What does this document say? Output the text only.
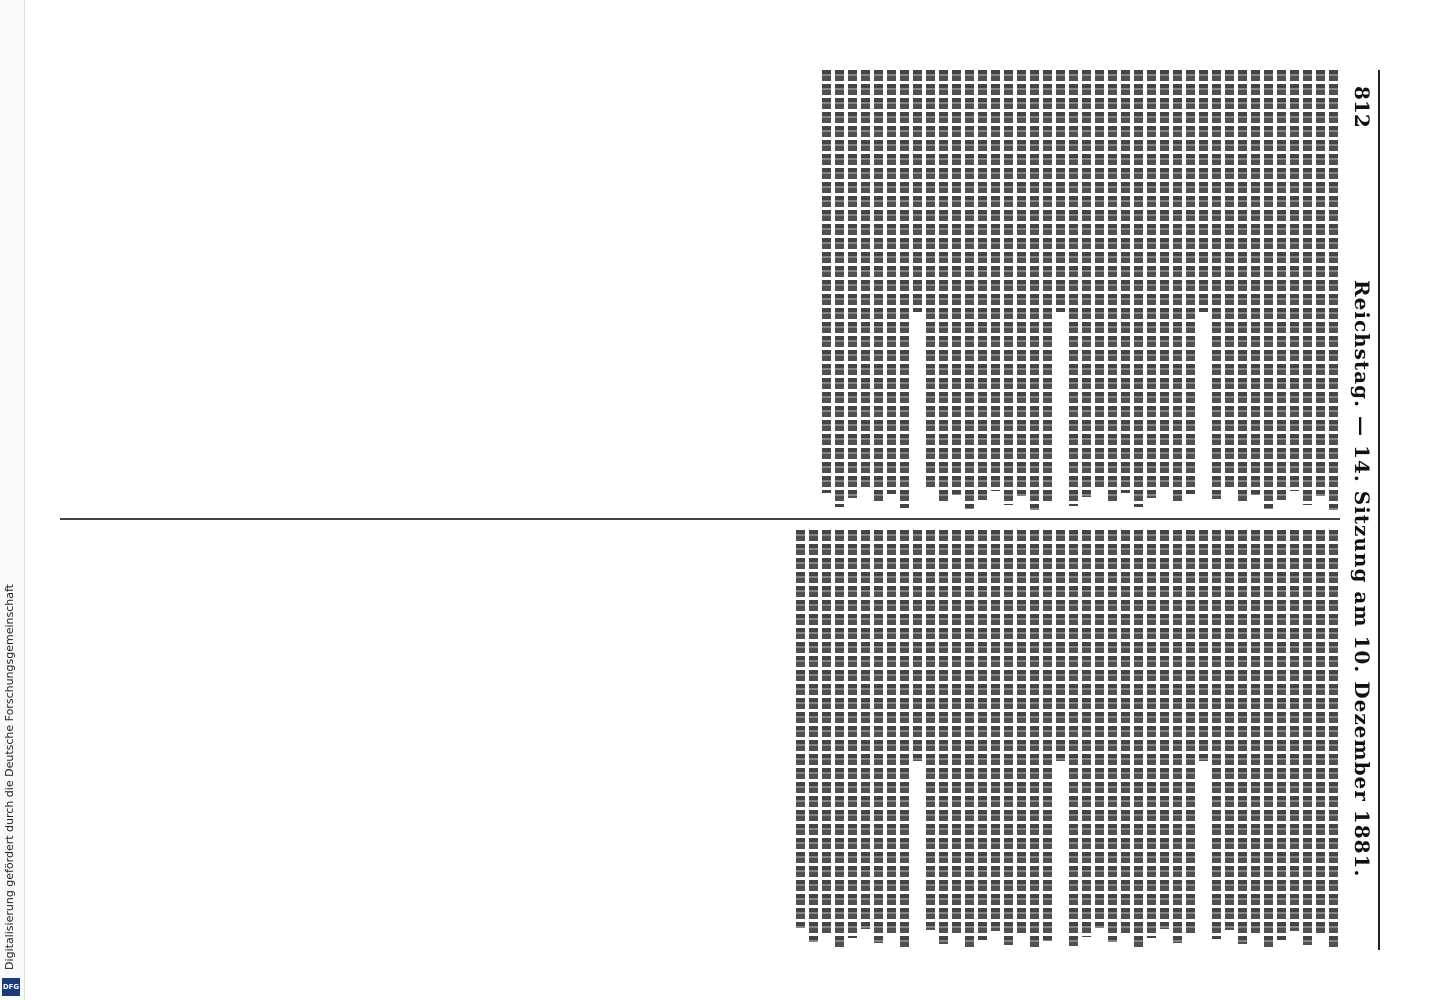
Digitalisierung gefördert durch die Deutsche Forschungsgemeinschaft
DFG
812
Reichstag. — 14. Sitzung am 10. Dezember 1881.
